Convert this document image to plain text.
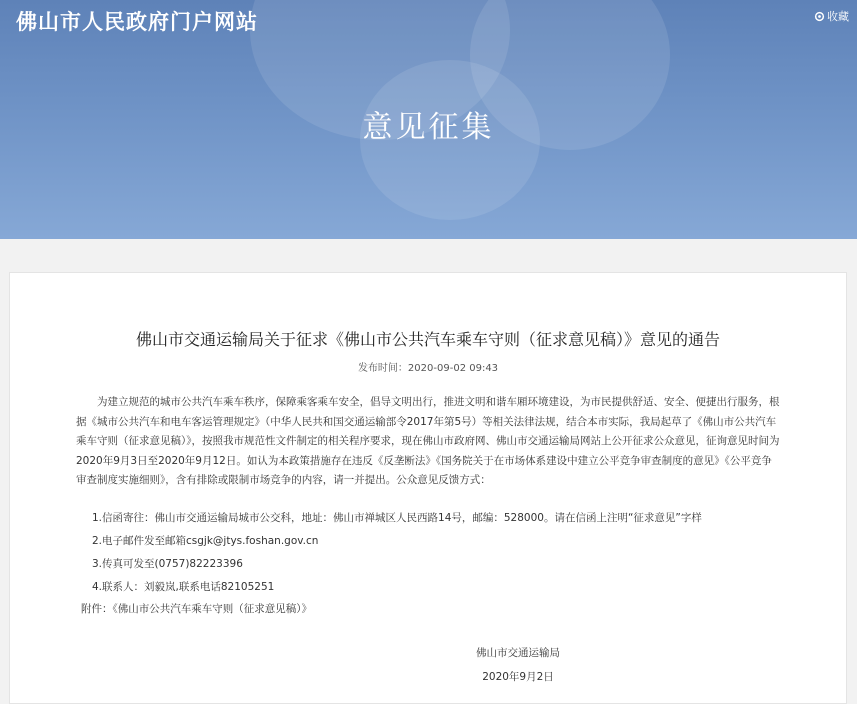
佛山市人民政府门户网站	收藏
意见征集
佛山市交通运输局关于征求《佛山市公共汽车乘车守则（征求意见稿）》意见的通告
发布时间：2020-09-02 09:43

为建立规范的城市公共汽车乘车秩序，保障乘客乘车安全，倡导文明出行，推进文明和谐车厢环境建设，为市民提供舒适、安全、便捷出行服务，根据《城市公共汽车和电车客运管理规定》（中华人民共和国交通运输部令2017年第5号）等相关法律法规，结合本市实际，我局起草了《佛山市公共汽车乘车守则（征求意见稿）》，按照我市规范性文件制定的相关程序要求，现在佛山市政府网、佛山市交通运输局网站上公开征求公众意见，征询意见时间为2020年9月3日至2020年9月12日。如认为本政策措施存在违反《反垄断法》《国务院关于在市场体系建设中建立公平竞争审查制度的意见》《公平竞争审查制度实施细则》，含有排除或限制市场竞争的内容，请一并提出。公众意见反馈方式：

1.信函寄往：佛山市交通运输局城市公交科，地址：佛山市禅城区人民西路14号，邮编：528000。请在信函上注明“征求意见”字样
2.电子邮件发至邮箱csgjk@jtys.foshan.gov.cn
3.传真可发至(0757)82223396
4.联系人：刘毅岚,联系电话82105251
附件：《佛山市公共汽车乘车守则（征求意见稿）》
佛山市交通运输局
2020年9月2日
